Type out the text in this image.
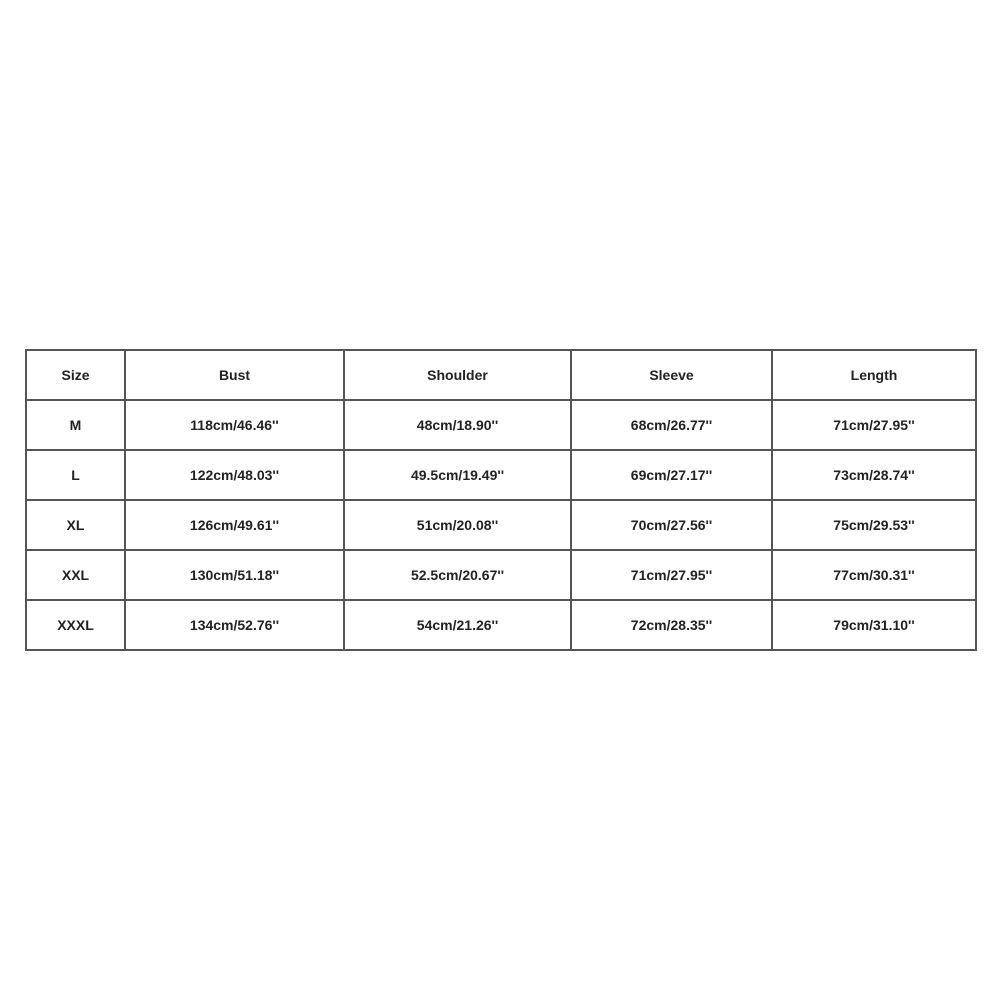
Size	Bust	Shoulder	Sleeve	Length
M	118cm/46.46''	48cm/18.90''	68cm/26.77''	71cm/27.95''
L	122cm/48.03''	49.5cm/19.49''	69cm/27.17''	73cm/28.74''
XL	126cm/49.61''	51cm/20.08''	70cm/27.56''	75cm/29.53''
XXL	130cm/51.18''	52.5cm/20.67''	71cm/27.95''	77cm/30.31''
XXXL	134cm/52.76''	54cm/21.26''	72cm/28.35''	79cm/31.10''
